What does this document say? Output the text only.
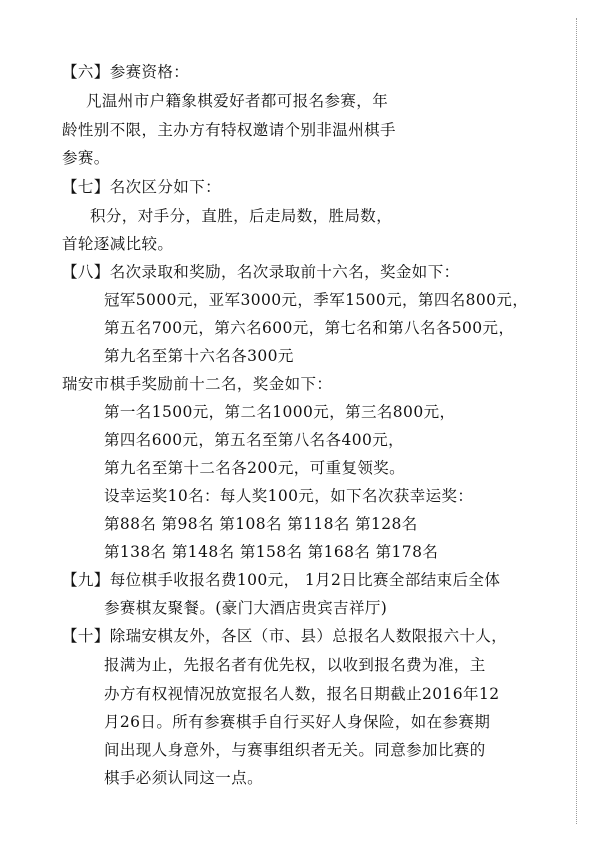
【六】参赛资格：
凡温州市户籍象棋爱好者都可报名参赛，年
龄性别不限，主办方有特权邀请个别非温州棋手
参赛。
【七】名次区分如下：
积分，对手分，直胜，后走局数，胜局数，
首轮逐减比较。
【八】名次录取和奖励，名次录取前十六名，奖金如下：
冠军5000元，亚军3000元，季军1500元，第四名800元，
第五名700元，第六名600元，第七名和第八名各500元，
第九名至第十六名各300元
瑞安市棋手奖励前十二名，奖金如下：
第一名1500元，第二名1000元，第三名800元，
第四名600元，第五名至第八名各400元，
第九名至第十二名各200元，可重复领奖。
设幸运奖10名：每人奖100元，如下名次获幸运奖：
第88名 第98名 第108名 第118名 第128名
第138名 第148名 第158名 第168名 第178名
【九】每位棋手收报名费100元， 1月2日比赛全部结束后全体
参赛棋友聚餐。(豪门大酒店贵宾吉祥厅)
【十】除瑞安棋友外，各区（市、县）总报名人数限报六十人，
报满为止，先报名者有优先权，以收到报名费为准，主
办方有权视情况放宽报名人数，报名日期截止2016年12
月26日。所有参赛棋手自行买好人身保险，如在参赛期
间出现人身意外，与赛事组织者无关。同意参加比赛的
棋手必须认同这一点。
